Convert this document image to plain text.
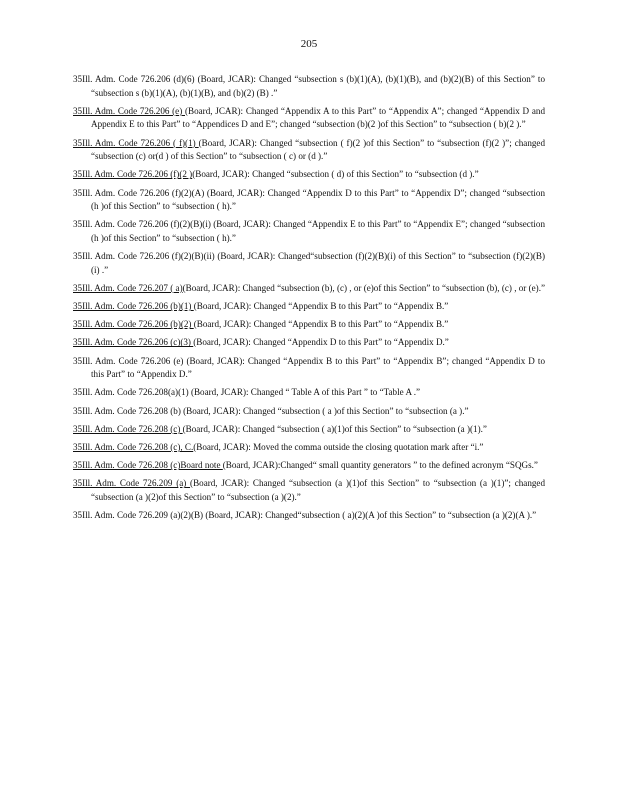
205

35Ill. Adm. Code 726.206 (d)(6) (Board, JCAR): Changed “subsection s (b)(1)(A), (b)(1)(B), and (b)(2)(B) of this Section” to “subsection s (b)(1)(A), (b)(1)(B), and (b)(2) (B) .”

35Ill. Adm. Code 726.206 (e) (Board, JCAR): Changed “Appendix A to this Part” to “Appendix A”; changed “Appendix D and Appendix E to this Part” to “Appendices D and E”; changed “subsection (b)(2 )of this Section” to “subsection ( b)(2 ).”

35Ill. Adm. Code 726.206 ( f)(1) (Board, JCAR): Changed “subsection ( f)(2 )of this Section” to “subsection (f)(2 )”; changed “subsection (c) or(d ) of this Section” to “subsection ( c) or (d ).”

35Ill. Adm. Code 726.206 (f)(2 )(Board, JCAR): Changed “subsection ( d) of this Section” to “subsection (d ).”

35Ill. Adm. Code 726.206 (f)(2)(A) (Board, JCAR): Changed “Appendix D to this Part” to “Appendix D”; changed “subsection (h )of this Section” to “subsection ( h).”

35Ill. Adm. Code 726.206 (f)(2)(B)(i) (Board, JCAR): Changed “Appendix E to this Part” to “Appendix E”; changed “subsection (h )of this Section” to “subsection ( h).”

35Ill. Adm. Code 726.206 (f)(2)(B)(ii) (Board, JCAR): Changed“subsection (f)(2)(B)(i) of this Section” to “subsection (f)(2)(B)(i) .”

35Ill. Adm. Code 726.207 ( a)(Board, JCAR): Changed “subsection (b), (c) , or (e)of this Section” to “subsection (b), (c) , or (e).”

35Ill. Adm. Code 726.206 (b)(1) (Board, JCAR): Changed “Appendix B to this Part” to “Appendix B.”

35Ill. Adm. Code 726.206 (b)(2) (Board, JCAR): Changed “Appendix B to this Part” to “Appendix B.”

35Ill. Adm. Code 726.206 (c)(3) (Board, JCAR): Changed “Appendix D to this Part” to “Appendix D.”

35Ill. Adm. Code 726.206 (e) (Board, JCAR): Changed “Appendix B to this Part” to “Appendix B”; changed “Appendix D to this Part” to “Appendix D.”

35Ill. Adm. Code 726.208(a)(1) (Board, JCAR): Changed “ Table A of this Part ” to “Table A .”

35Ill. Adm. Code 726.208 (b) (Board, JCAR): Changed “subsection ( a )of this Section” to “subsection (a ).”

35Ill. Adm. Code 726.208 (c) (Board, JCAR): Changed “subsection ( a)(1)of this Section” to “subsection (a )(1).”

35Ill. Adm. Code 726.208 (c), C.(Board, JCAR): Moved the comma outside the closing quotation mark after “i.”

35Ill. Adm. Code 726.208 (c)Board note (Board, JCAR):Changed“ small quantity generators ” to the defined acronym “SQGs.”

35Ill. Adm. Code 726.209 (a) (Board, JCAR): Changed “subsection (a )(1)of this Section” to “subsection (a )(1)”; changed “subsection (a )(2)of this Section” to “subsection (a )(2).”

35Ill. Adm. Code 726.209 (a)(2)(B) (Board, JCAR): Changed“subsection ( a)(2)(A )of this Section” to “subsection (a )(2)(A ).”
